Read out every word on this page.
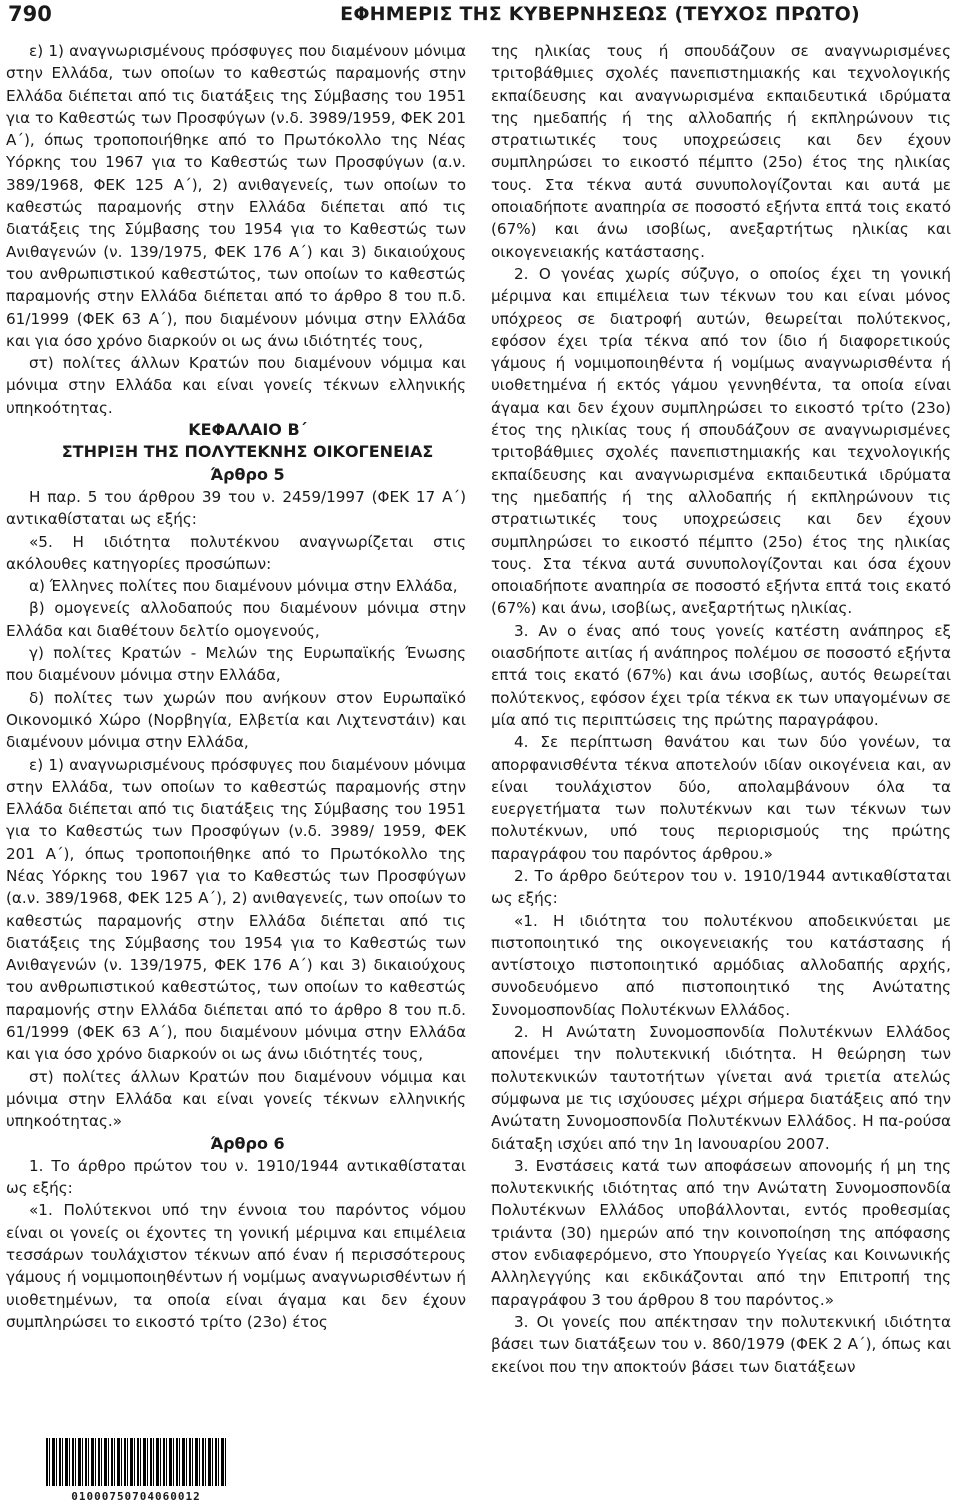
790	ΕΦΗΜΕΡΙΣ ΤΗΣ ΚΥΒΕΡΝΗΣΕΩΣ (ΤΕΥΧΟΣ ΠΡΩΤΟ)

ε) 1) αναγνωρισμένους πρόσφυγες που διαμένουν μόνιμα στην Ελλάδα, των οποίων το καθεστώς παραμονής στην Ελλάδα διέπεται από τις διατάξεις της Σύμβασης του 1951 για το Καθεστώς των Προσφύγων (ν.δ. 3989/1959, ΦΕΚ 201 Α΄), όπως τροποποιήθηκε από το Πρωτόκολλο της Νέας Υόρκης του 1967 για το Καθεστώς των Προσφύγων (α.ν. 389/1968, ΦΕΚ 125 Α΄), 2) ανιθαγενείς, των οποίων το καθεστώς παραμονής στην Ελλάδα διέπεται από τις διατάξεις της Σύμβασης του 1954 για το Καθεστώς των Ανιθαγενών (ν. 139/1975, ΦΕΚ 176 Α΄) και 3) δικαιούχους του ανθρωπιστικού καθεστώτος, των οποίων το καθεστώς παραμονής στην Ελλάδα διέπεται από το άρθρο 8 του π.δ. 61/1999 (ΦΕΚ 63 Α΄), που διαμένουν μόνιμα στην Ελλάδα και για όσο χρόνο διαρκούν οι ως άνω ιδιότητές τους,

στ) πολίτες άλλων Κρατών που διαμένουν νόμιμα και μόνιμα στην Ελλάδα και είναι γονείς τέκνων ελληνικής υπηκοότητας.

ΚΕΦΑΛΑΙΟ Β΄

ΣΤΗΡΙΞΗ ΤΗΣ ΠΟΛΥΤΕΚΝΗΣ ΟΙΚΟΓΕΝΕΙΑΣ

Άρθρο 5

Η παρ. 5 του άρθρου 39 του ν. 2459/1997 (ΦΕΚ 17 Α΄) αντικαθίσταται ως εξής:

«5. Η ιδιότητα πολυτέκνου αναγνωρίζεται στις ακόλουθες κατηγορίες προσώπων:

α) Έλληνες πολίτες που διαμένουν μόνιμα στην Ελλάδα,

β) ομογενείς αλλοδαπούς που διαμένουν μόνιμα στην Ελλάδα και διαθέτουν δελτίο ομογενούς,

γ) πολίτες Κρατών - Μελών της Ευρωπαϊκής Ένωσης που διαμένουν μόνιμα στην Ελλάδα,

δ) πολίτες των χωρών που ανήκουν στον Ευρωπαϊκό Οικονομικό Χώρο (Νορβηγία, Ελβετία και Λιχτενστάιν) και διαμένουν μόνιμα στην Ελλάδα,

ε) 1) αναγνωρισμένους πρόσφυγες που διαμένουν μόνιμα στην Ελλάδα, των οποίων το καθεστώς παραμονής στην Ελλάδα διέπεται από τις διατάξεις της Σύμβασης του 1951 για το Καθεστώς των Προσφύγων (ν.δ. 3989/ 1959, ΦΕΚ 201 Α΄), όπως τροποποιήθηκε από το Πρωτόκολλο της Νέας Υόρκης του 1967 για το Καθεστώς των Προσφύγων (α.ν. 389/1968, ΦΕΚ 125 Α΄), 2) ανιθαγενείς, των οποίων το καθεστώς παραμονής στην Ελλάδα διέπεται από τις διατάξεις της Σύμβασης του 1954 για το Καθεστώς των Ανιθαγενών (ν. 139/1975, ΦΕΚ 176 Α΄) και 3) δικαιούχους του ανθρωπιστικού καθεστώτος, των οποίων το καθεστώς παραμονής στην Ελλάδα διέπεται από το άρθρο 8 του π.δ. 61/1999 (ΦΕΚ 63 Α΄), που διαμένουν μόνιμα στην Ελλάδα και για όσο χρόνο διαρκούν οι ως άνω ιδιότητές τους,

στ) πολίτες άλλων Κρατών που διαμένουν νόμιμα και μόνιμα στην Ελλάδα και είναι γονείς τέκνων ελληνικής υπηκοότητας.»

Άρθρο 6

1. Το άρθρο πρώτον του ν. 1910/1944 αντικαθίσταται ως εξής:

«1. Πολύτεκνοι υπό την έννοια του παρόντος νόμου είναι οι γονείς οι έχοντες τη γονική μέριμνα και επιμέλεια τεσσάρων τουλάχιστον τέκνων από έναν ή περισσότερους γάμους ή νομιμοποιηθέντων ή νομίμως αναγνωρισθέντων ή υιοθετημένων, τα οποία είναι άγαμα και δεν έχουν συμπληρώσει το εικοστό τρίτο (23ο) έτος

της ηλικίας τους ή σπουδάζουν σε αναγνωρισμένες τριτοβάθμιες σχολές πανεπιστημιακής και τεχνολογικής εκπαίδευσης και αναγνωρισμένα εκπαιδευτικά ιδρύματα της ημεδαπής ή της αλλοδαπής ή εκπληρώνουν τις στρατιωτικές τους υποχρεώσεις και δεν έχουν συμπληρώσει το εικοστό πέμπτο (25ο) έτος της ηλικίας τους. Στα τέκνα αυτά συνυπολογίζονται και αυτά με οποιαδήποτε αναπηρία σε ποσοστό εξήντα επτά τοις εκατό (67%) και άνω ισοβίως, ανεξαρτήτως ηλικίας και οικογενειακής κατάστασης.

2. Ο γονέας χωρίς σύζυγο, ο οποίος έχει τη γονική μέριμνα και επιμέλεια των τέκνων του και είναι μόνος υπόχρεος σε διατροφή αυτών, θεωρείται πολύτεκνος, εφόσον έχει τρία τέκνα από τον ίδιο ή διαφορετικούς γάμους ή νομιμοποιηθέντα ή νομίμως αναγνωρισθέντα ή υιοθετημένα ή εκτός γάμου γεννηθέντα, τα οποία είναι άγαμα και δεν έχουν συμπληρώσει το εικοστό τρίτο (23ο) έτος της ηλικίας τους ή σπουδάζουν σε αναγνωρισμένες τριτοβάθμιες σχολές πανεπιστημιακής και τεχνολογικής εκπαίδευσης και αναγνωρισμένα εκπαιδευτικά ιδρύματα της ημεδαπής ή της αλλοδαπής ή εκπληρώνουν τις στρατιωτικές τους υποχρεώσεις και δεν έχουν συμπληρώσει το εικοστό πέμπτο (25ο) έτος της ηλικίας τους. Στα τέκνα αυτά συνυπολογίζονται και όσα έχουν οποιαδήποτε αναπηρία σε ποσοστό εξήντα επτά τοις εκατό (67%) και άνω, ισοβίως, ανεξαρτήτως ηλικίας.

3. Αν ο ένας από τους γονείς κατέστη ανάπηρος εξ οιασδήποτε αιτίας ή ανάπηρος πολέμου σε ποσοστό εξήντα επτά τοις εκατό (67%) και άνω ισοβίως, αυτός θεωρείται πολύτεκνος, εφόσον έχει τρία τέκνα εκ των υπαγομένων σε μία από τις περιπτώσεις της πρώτης παραγράφου.

4. Σε περίπτωση θανάτου και των δύο γονέων, τα απορφανισθέντα τέκνα αποτελούν ιδίαν οικογένεια και, αν είναι τουλάχιστον δύο, απολαμβάνουν όλα τα ευεργετήματα των πολυτέκνων και των τέκνων των πολυτέκνων, υπό τους περιορισμούς της πρώτης παραγράφου του παρόντος άρθρου.»

2. Το άρθρο δεύτερον του ν. 1910/1944 αντικαθίσταται ως εξής:

«1. Η ιδιότητα του πολυτέκνου αποδεικνύεται με πιστοποιητικό της οικογενειακής του κατάστασης ή αντίστοιχο πιστοποιητικό αρμόδιας αλλοδαπής αρχής, συνοδευόμενο από πιστοποιητικό της Ανώτατης Συνομοσπονδίας Πολυτέκνων Ελλάδος.

2. Η Ανώτατη Συνομοσπονδία Πολυτέκνων Ελλάδος απονέμει την πολυτεκνική ιδιότητα. Η θεώρηση των πολυτεκνικών ταυτοτήτων γίνεται ανά τριετία ατελώς σύμφωνα με τις ισχύουσες μέχρι σήμερα διατάξεις από την Ανώτατη Συνομοσπονδία Πολυτέκνων Ελλάδος. Η πα-ρούσα διάταξη ισχύει από την 1η Ιανουαρίου 2007.

3. Ενστάσεις κατά των αποφάσεων απονομής ή μη της πολυτεκνικής ιδιότητας από την Ανώτατη Συνομοσπονδία Πολυτέκνων Ελλάδος υποβάλλονται, εντός προθεσμίας τριάντα (30) ημερών από την κοινοποίηση της απόφασης στον ενδιαφερόμενο, στο Υπουργείο Υγείας και Κοινωνικής Αλληλεγγύης και εκδικάζονται από την Επιτροπή της παραγράφου 3 του άρθρου 8 του παρόντος.»

3. Οι γονείς που απέκτησαν την πολυτεκνική ιδιότητα βάσει των διατάξεων του ν. 860/1979 (ΦΕΚ 2 Α΄), όπως και εκείνοι που την αποκτούν βάσει των διατάξεων

01000750704060012
